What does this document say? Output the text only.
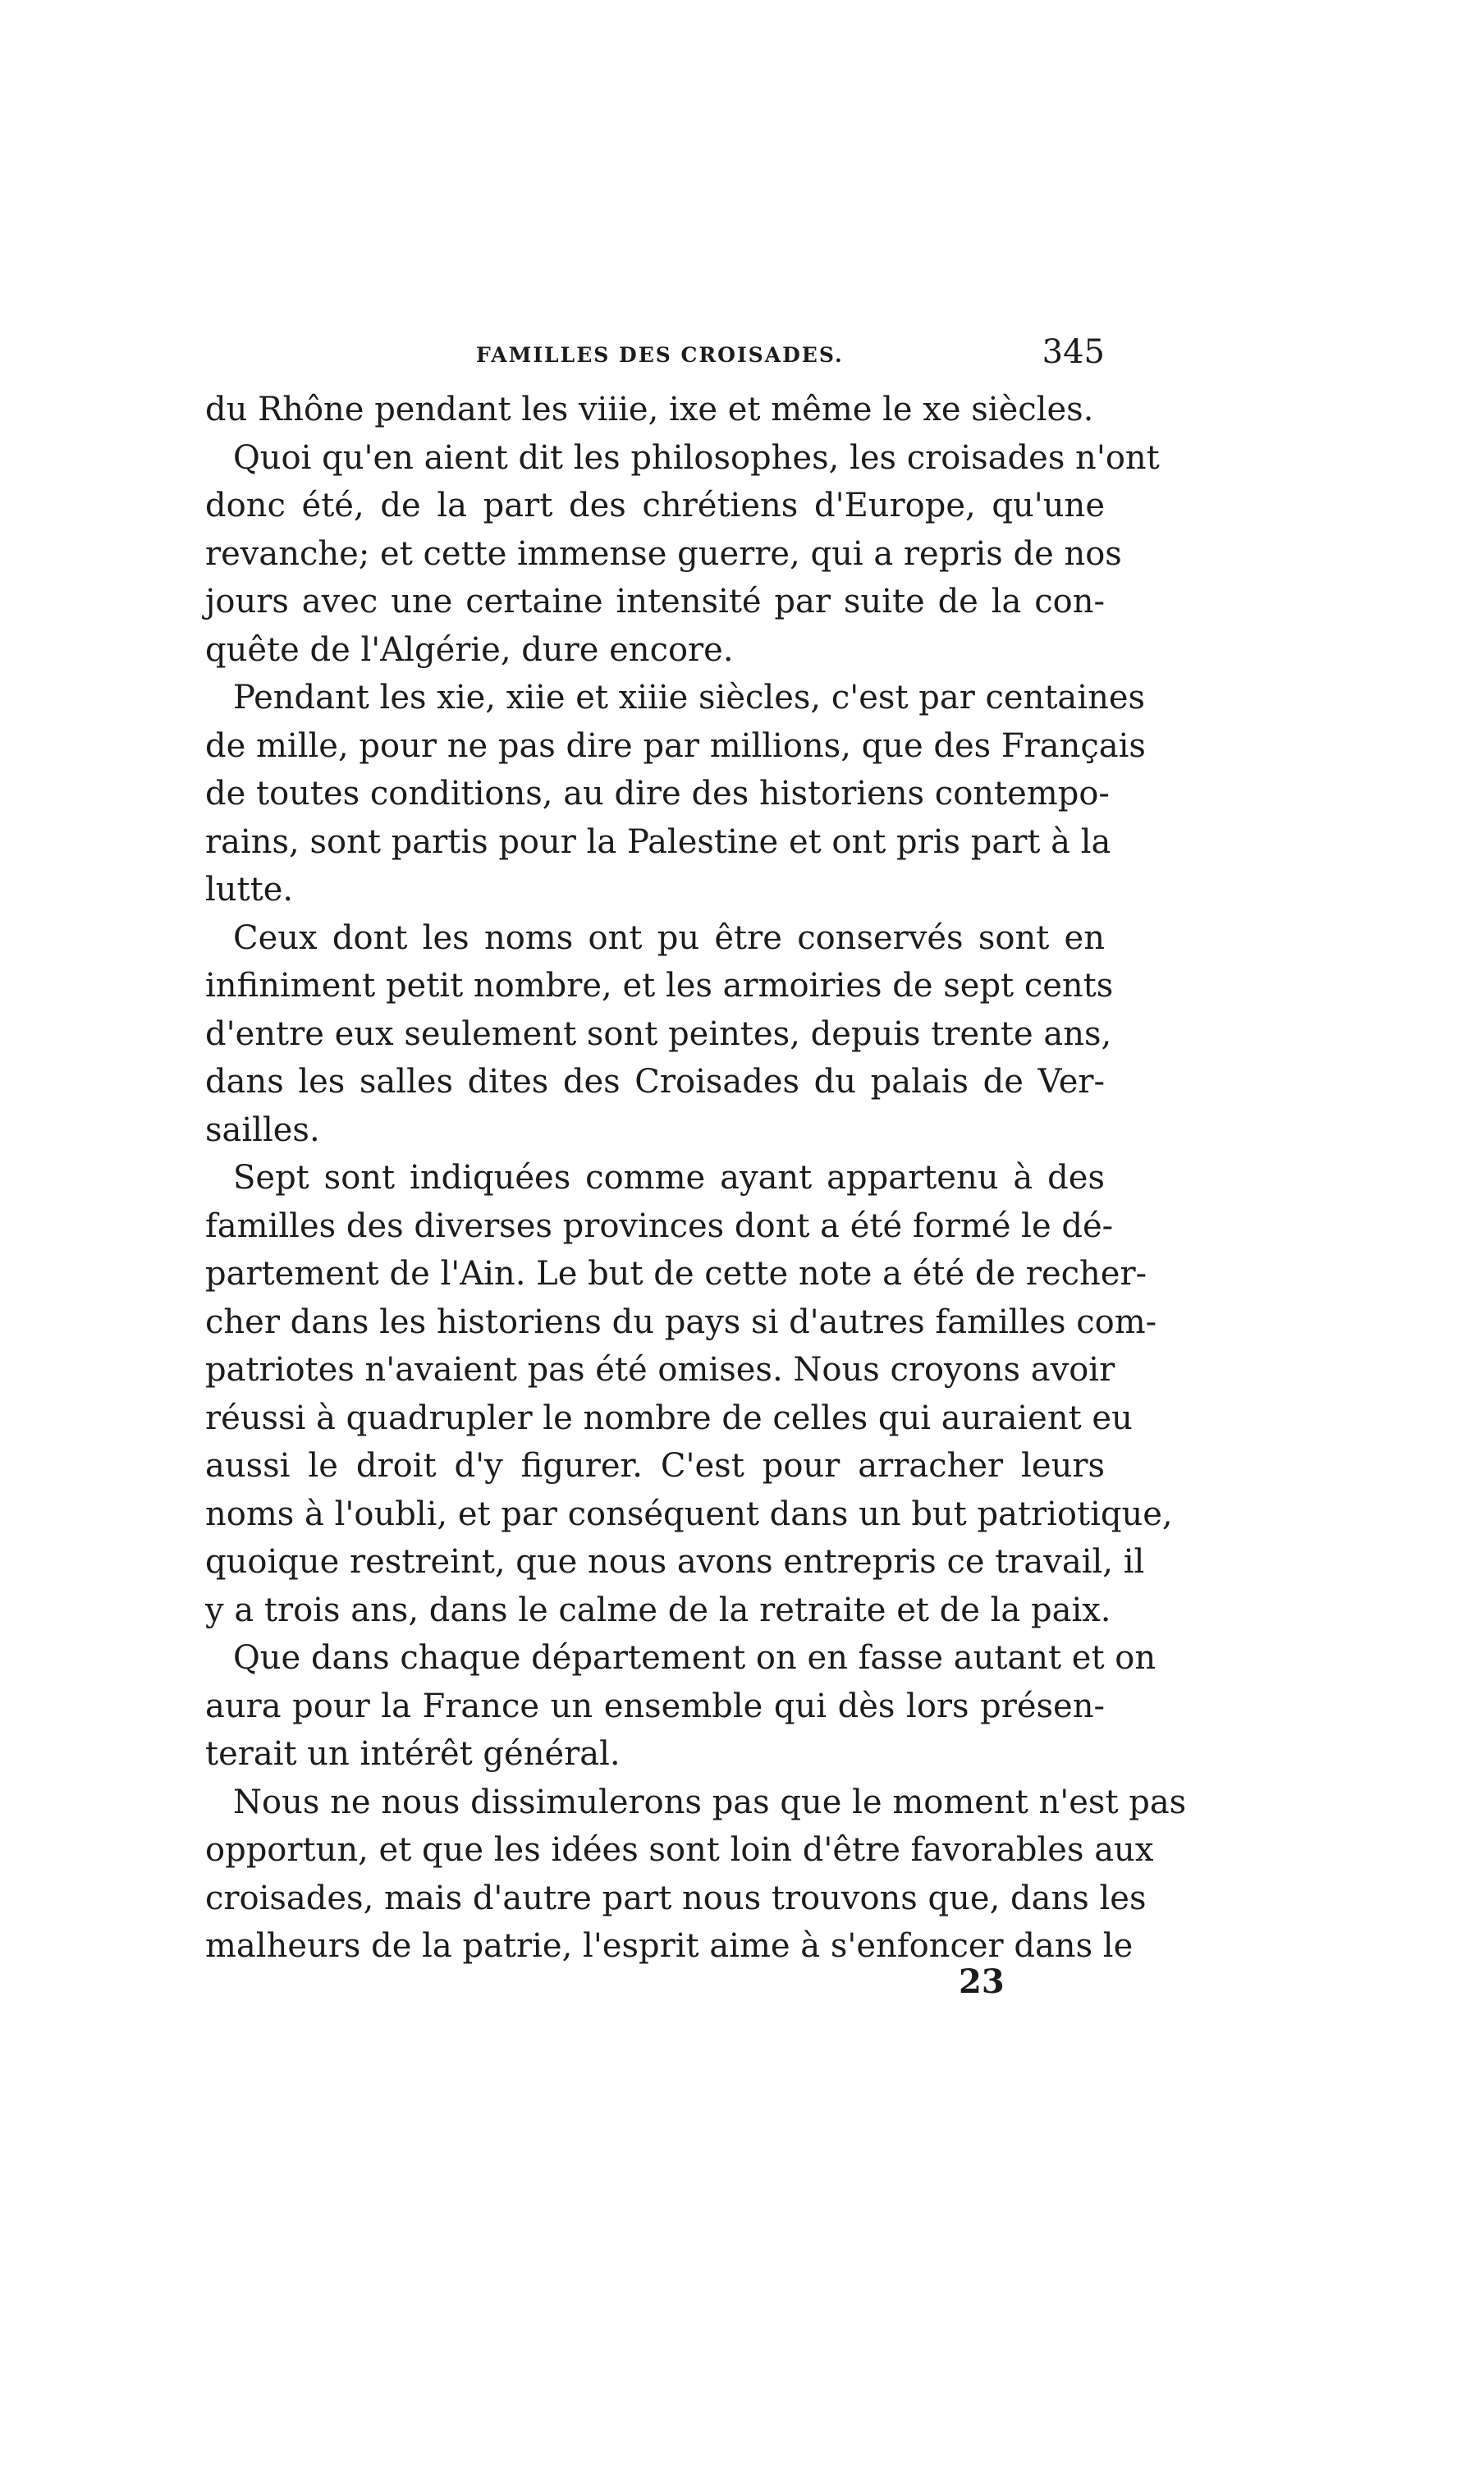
FAMILLES DES CROISADES.	345
du Rhône pendant les viiie, ixe et même le xe siècles.
Quoi qu'en aient dit les philosophes, les croisades n'ont
donc été, de la part des chrétiens d'Europe, qu'une
revanche; et cette immense guerre, qui a repris de nos
jours avec une certaine intensité par suite de la con-
quête de l'Algérie, dure encore.
Pendant les xie, xiie et xiiie siècles, c'est par centaines
de mille, pour ne pas dire par millions, que des Français
de toutes conditions, au dire des historiens contempo-
rains, sont partis pour la Palestine et ont pris part à la
lutte.
Ceux dont les noms ont pu être conservés sont en
infiniment petit nombre, et les armoiries de sept cents
d'entre eux seulement sont peintes, depuis trente ans,
dans les salles dites des Croisades du palais de Ver-
sailles.
Sept sont indiquées comme ayant appartenu à des
familles des diverses provinces dont a été formé le dé-
partement de l'Ain. Le but de cette note a été de recher-
cher dans les historiens du pays si d'autres familles com-
patriotes n'avaient pas été omises. Nous croyons avoir
réussi à quadrupler le nombre de celles qui auraient eu
aussi le droit d'y figurer. C'est pour arracher leurs
noms à l'oubli, et par conséquent dans un but patriotique,
quoique restreint, que nous avons entrepris ce travail, il
y a trois ans, dans le calme de la retraite et de la paix.
Que dans chaque département on en fasse autant et on
aura pour la France un ensemble qui dès lors présen-
terait un intérêt général.
Nous ne nous dissimulerons pas que le moment n'est pas
opportun, et que les idées sont loin d'être favorables aux
croisades, mais d'autre part nous trouvons que, dans les
malheurs de la patrie, l'esprit aime à s'enfoncer dans le
23
